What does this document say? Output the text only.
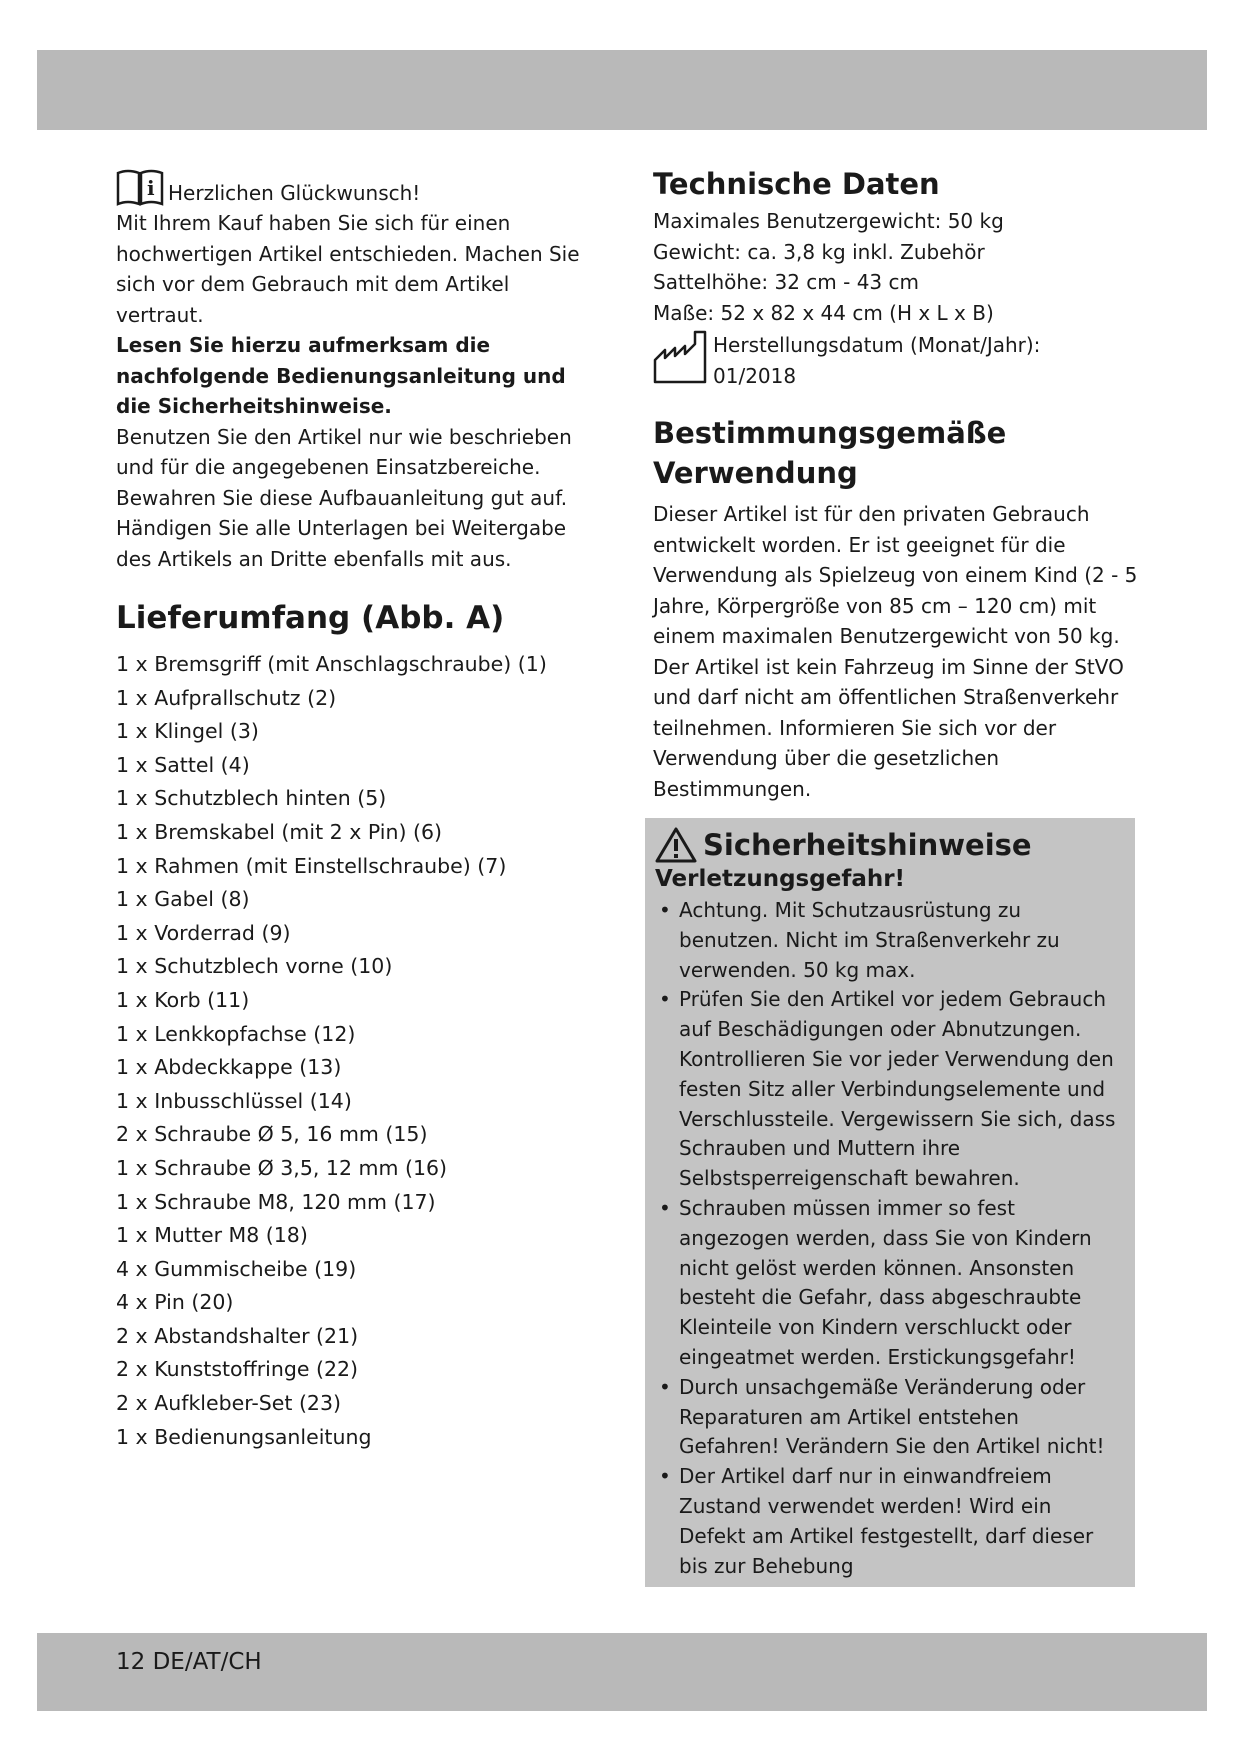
i Herzlichen Glückwunsch!

Mit Ihrem Kauf haben Sie sich für einen hochwertigen Artikel entschieden. Machen Sie sich vor dem Gebrauch mit dem Artikel vertraut.

Lesen Sie hierzu aufmerksam die nachfolgende Bedienungsanleitung und die Sicherheitshinweise.

Benutzen Sie den Artikel nur wie beschrieben und für die angegebenen Einsatzbereiche. Bewahren Sie diese Aufbauanleitung gut auf. Händigen Sie alle Unterlagen bei Weitergabe des Artikels an Dritte ebenfalls mit aus.

Lieferumfang (Abb. A)
1 x Bremsgriff (mit Anschlagschraube) (1)
1 x Aufprallschutz (2)
1 x Klingel (3)
1 x Sattel (4)
1 x Schutzblech hinten (5)
1 x Bremskabel (mit 2 x Pin) (6)
1 x Rahmen (mit Einstellschraube) (7)
1 x Gabel (8)
1 x Vorderrad (9)
1 x Schutzblech vorne (10)
1 x Korb (11)
1 x Lenkkopfachse (12)
1 x Abdeckkappe (13)
1 x Inbusschlüssel (14)
2 x Schraube Ø 5, 16 mm (15)
1 x Schraube Ø 3,5, 12 mm (16)
1 x Schraube M8, 120 mm (17)
1 x Mutter M8 (18)
4 x Gummischeibe (19)
4 x Pin (20)
2 x Abstandshalter (21)
2 x Kunststoffringe (22)
2 x Aufkleber-Set (23)
1 x Bedienungsanleitung
Technische Daten

Maximales Benutzergewicht: 50 kg

Gewicht: ca. 3,8 kg inkl. Zubehör

Sattelhöhe: 32 cm - 43 cm

Maße: 52 x 82 x 44 cm (H x L x B)

Herstellungsdatum (Monat/Jahr):
01/2018
Bestimmungsgemäße Verwendung

Dieser Artikel ist für den privaten Gebrauch entwickelt worden. Er ist geeignet für die Verwendung als Spielzeug von einem Kind (2 - 5 Jahre, Körpergröße von 85 cm – 120 cm) mit einem maximalen Benutzergewicht von 50 kg.

Der Artikel ist kein Fahrzeug im Sinne der StVO und darf nicht am öffentlichen Straßenverkehr teilnehmen. Informieren Sie sich vor der Verwendung über die gesetzlichen Bestimmungen.

Sicherheitshinweise
Verletzungsgefahr!
• Achtung. Mit Schutzausrüstung zu benutzen. Nicht im Straßenverkehr zu verwenden. 50 kg max.
• Prüfen Sie den Artikel vor jedem Gebrauch auf Beschädigungen oder Abnutzungen. Kontrollieren Sie vor jeder Verwendung den festen Sitz aller Verbindungselemente und Verschlussteile. Vergewissern Sie sich, dass Schrauben und Muttern ihre Selbstsperreigenschaft bewahren.
• Schrauben müssen immer so fest angezogen werden, dass Sie von Kindern nicht gelöst werden können. Ansonsten besteht die Gefahr, dass abgeschraubte Kleinteile von Kindern verschluckt oder eingeatmet werden. Erstickungsgefahr!
• Durch unsachgemäße Veränderung oder Reparaturen am Artikel entstehen Gefahren! Verändern Sie den Artikel nicht!
• Der Artikel darf nur in einwandfreiem Zustand verwendet werden! Wird ein Defekt am Artikel festgestellt, darf dieser bis zur Behebung
12 DE/AT/CH
